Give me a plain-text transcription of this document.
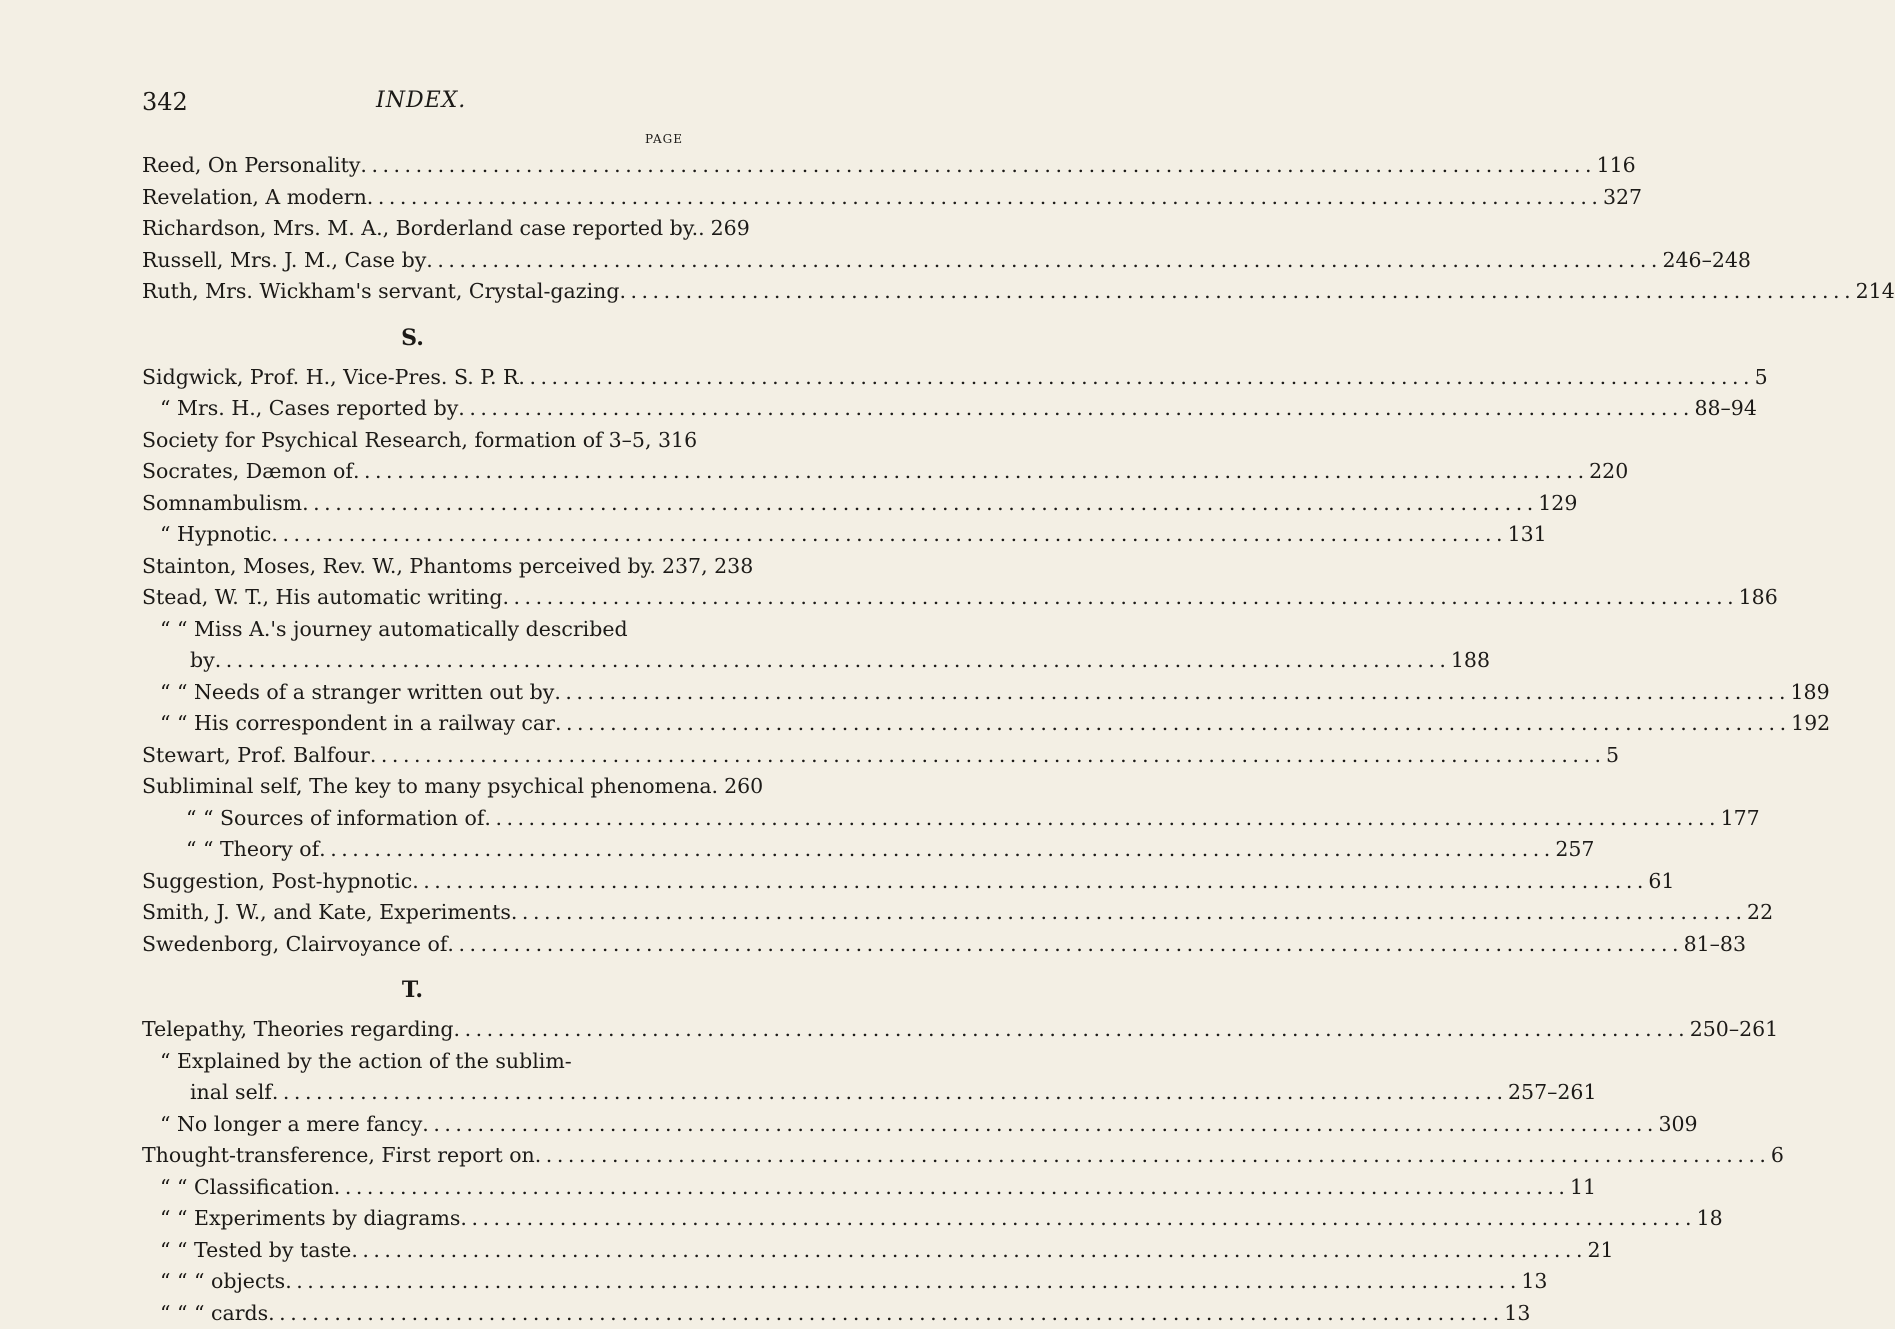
342	INDEX.
PAGE
Reed, On Personality . . .	116
Revelation, A modern . . .	327
Richardson, Mrs. M. A., Borderland case reported by.. 269
Russell, Mrs. J. M., Case by . . .	246–248
Ruth, Mrs. Wickham's servant, Crystal-gazing . . .	214
S.
Sidgwick, Prof. H., Vice-Pres. S. P. R . . .	5
“ Mrs. H., Cases reported by . . .	88–94
Society for Psychical Research, formation of 3–5, 316
Socrates, Dæmon of . . .	220
Somnambulism . . .	129
“ Hypnotic . . .	131
Stainton, Moses, Rev. W., Phantoms perceived by. 237, 238
Stead, W. T., His automatic writing . . .	186
“ “ Miss A.'s journey automatically described
by . . .	188
“ “ Needs of a stranger written out by . . .	189
“ “ His correspondent in a railway car . . .	192
Stewart, Prof. Balfour . . .	5
Subliminal self, The key to many psychical phenomena. 260
“ “ Sources of information of . . .	177
“ “ Theory of . . .	257
Suggestion, Post-hypnotic . . .	61
Smith, J. W., and Kate, Experiments . . .	22
Swedenborg, Clairvoyance of . . .	81–83
T.
Telepathy, Theories regarding . . .	250–261
“ Explained by the action of the sublim-
inal self . . .	257–261
“ No longer a mere fancy . . .	309
Thought-transference, First report on . . .	6
“ “ Classification . . .	11
“ “ Experiments by diagrams . . .	18
“ “ Tested by taste . . .	21
“ “ “ objects . . .	13
“ “ “ cards . . .	13
